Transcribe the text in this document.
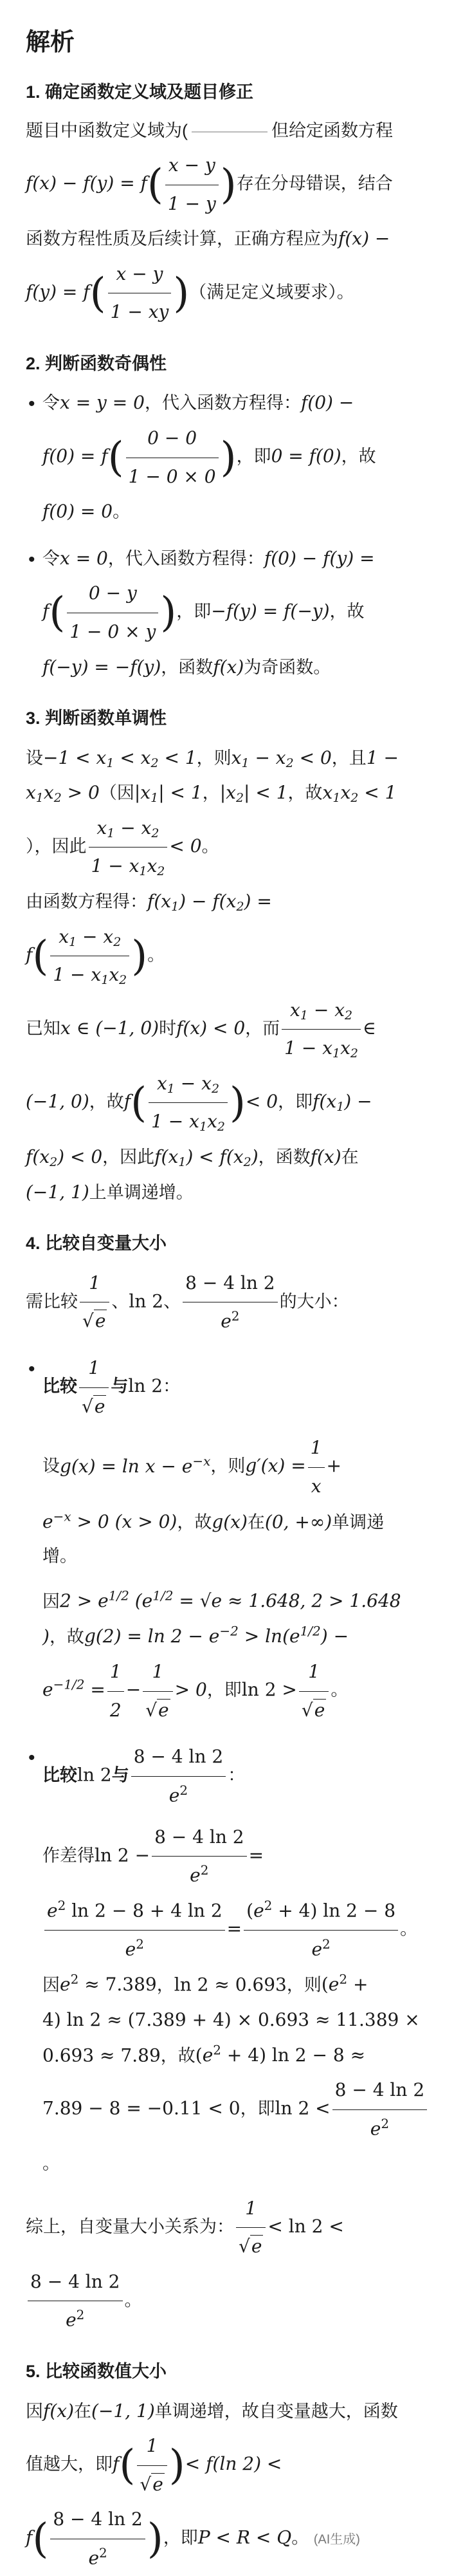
解析
1. 确定函数定义域及题目修正

题目中函数定义域为(	但给定函数方程
$f(x) - f(y) = f( \frac{x - y}{1 - y}$ )存在分母错误，结合
函数方程性质及后续计算，正确方程应为f(x) −
$f(y) = f( \frac{x - y}{1 - xy}$ )（满足定义域要求）。

2. 判断函数奇偶性

• 令x = y = 0，代入函数方程得：f(0) −
$f(0) = f( \frac{0 - 0}{1 - 0 \times 0}$ )，即0 = f(0)，故
f(0) = 0。

• 令x = 0，代入函数方程得：f(0) − f(y) =
$f( \frac{0 - y}{1 - 0 \times y}$ )，即−f(y) = f(−y)，故
f(−y) = −f(y)，函数f(x)为奇函数。

3. 判断函数单调性

设−1 < x1 < x2 < 1，则x1 − x2 < 0，且1 −
x1x2 > 0（因|x1| < 1，|x2| < 1，故x1x2 < 1
），因此 $\frac{x1 - x2}{1 - x1x2} < 0$。
由函数方程得：f(x1) − f(x2) =
$f( \frac{x1 - x2}{1 - x1x2}$ )。
已知x ∈ (−1, 0)时f(x) < 0，而 $\frac{x1 - x2}{1 - x1x2}$ ∈
(−1, 0)，故$f( \frac{x1 - x2}{1 - x1x2}$ )< 0，即f(x1) −
f(x2) < 0，因此f(x1) < f(x2)，函数f(x)在
(−1, 1)上单调递增。

4. 比较自变量大小

需比较 $\frac{1}{√e}$ 、ln 2、 $\frac{8 - 4 \ln 2}{e^2}$ 的大小：

• 比较 $\frac{1}{√e}$ 与ln 2：

设$g(x) = \ln x - e^{-x}$，则$g'(x) = \frac{1}{x}$ +
$e^{-x} > 0$ (x > 0)，故g(x)在(0, +∞)单调递
增。

因$2 > e^{1/2}$ ($e^{1/2} = √e \approx 1.648$, 2 > 1.648
)，故$g(2) = \ln 2 - e^{-2} > \ln(e^{1/2})$ −
$e^{-1/2} = \frac{1}{2} - \frac{1}{√e} > 0$，即$\ln 2 > \frac{1}{√e}$ 。

• 比较ln 2与 $\frac{8 - 4 \ln 2}{e^2}$ ：

作差得$\ln 2 - \frac{8 - 4 \ln 2}{e^2}$ =

$\frac{e^2 \ln 2 - 8 + 4 \ln 2}{e^2} = \frac{(e^2 + 4) \ln 2 - 8}{e^2}$ 。
因$e^2 \approx 7.389$，ln 2 ≈ 0.693，则($e^2$ +
4) ln 2 ≈ (7.389 + 4) × 0.693 ≈ 11.389 ×
0.693 ≈ 7.89，故$(e^2 + 4)$ ln 2 − 8 ≈
7.89 − 8 = −0.11 < 0，即$\ln 2 < \frac{8 - 4 \ln 2}{e^2}$

。

综上，自变量大小关系为： $\frac{1}{√e} < \ln 2$ <

$\frac{8 - 4 \ln 2}{e^2}$ 。

5. 比较函数值大小

因f(x)在(−1, 1)单调递增，故自变量越大，函数
值越大，即$f( \frac{1}{√e}$ )< f(ln 2) <
$f( \frac{8 - 4 \ln 2}{e^2}$ )，即P < R < Q。 (AI生成)
